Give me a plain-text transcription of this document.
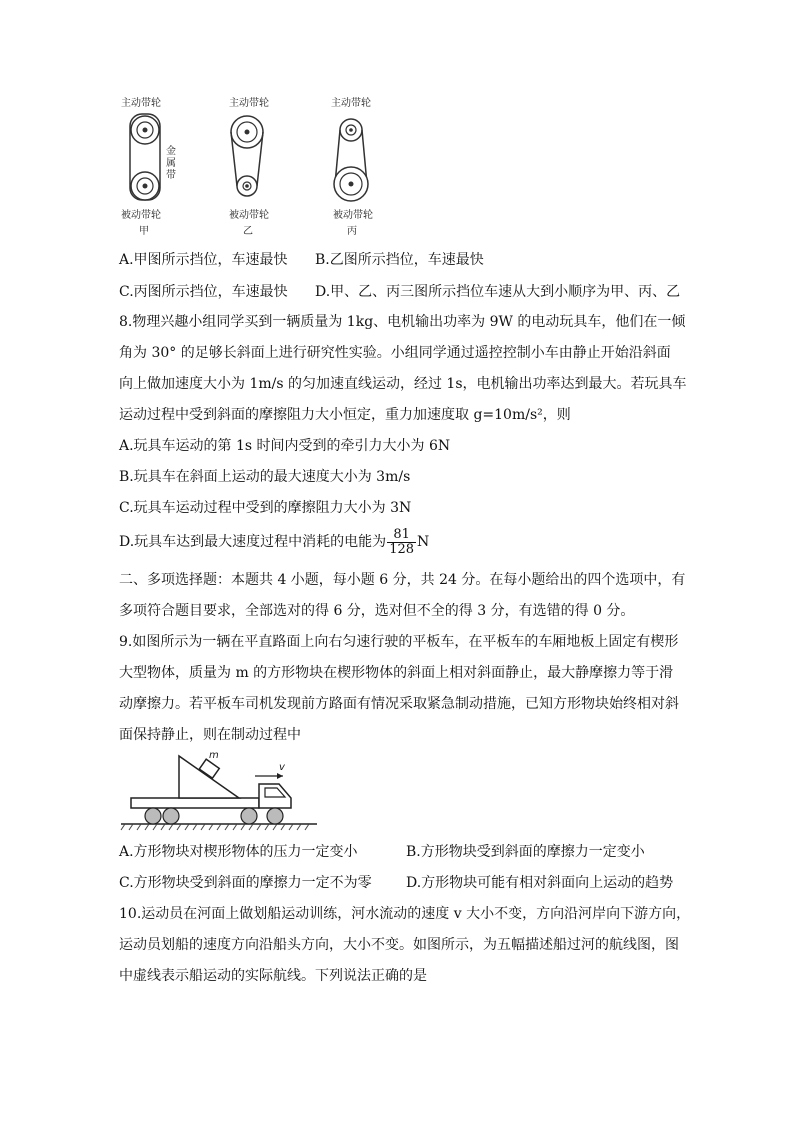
主动带轮
金
属
带
被动带轮
甲
主动带轮
被动带轮
乙
主动带轮
被动带轮
丙
A.甲图所示挡位，车速最快 B.乙图所示挡位，车速最快
C.丙图所示挡位，车速最快 D.甲、乙、丙三图所示挡位车速从大到小顺序为甲、丙、乙
8.物理兴趣小组同学买到一辆质量为 1kg、电机输出功率为 9W 的电动玩具车，他们在一倾
角为 30° 的足够长斜面上进行研究性实验。小组同学通过遥控控制小车由静止开始沿斜面
向上做加速度大小为 1m/s 的匀加速直线运动，经过 1s，电机输出功率达到最大。若玩具车
运动过程中受到斜面的摩擦阻力大小恒定，重力加速度取 g=10m/s²，则
A.玩具车运动的第 1s 时间内受到的牵引力大小为 6N
B.玩具车在斜面上运动的最大速度大小为 3m/s
C.玩具车运动过程中受到的摩擦阻力大小为 3N
D.玩具车达到最大速度过程中消耗的电能为 $\frac{81}{128}$ N
二、多项选择题：本题共 4 小题，每小题 6 分，共 24 分。在每小题给出的四个选项中，有
多项符合题目要求，全部选对的得 6 分，选对但不全的得 3 分，有选错的得 0 分。
9.如图所示为一辆在平直路面上向右匀速行驶的平板车，在平板车的车厢地板上固定有楔形
大型物体，质量为 m 的方形物块在楔形物体的斜面上相对斜面静止，最大静摩擦力等于滑
动摩擦力。若平板车司机发现前方路面有情况采取紧急制动措施，已知方形物块始终相对斜
面保持静止，则在制动过程中
m
v
A.方形物块对楔形物体的压力一定变小	B.方形物块受到斜面的摩擦力一定变小
C.方形物块受到斜面的摩擦力一定不为零 D.方形物块可能有相对斜面向上运动的趋势
10.运动员在河面上做划船运动训练，河水流动的速度 v 大小不变，方向沿河岸向下游方向，
运动员划船的速度方向沿船头方向，大小不变。如图所示，为五幅描述船过河的航线图，图
中虚线表示船运动的实际航线。下列说法正确的是
